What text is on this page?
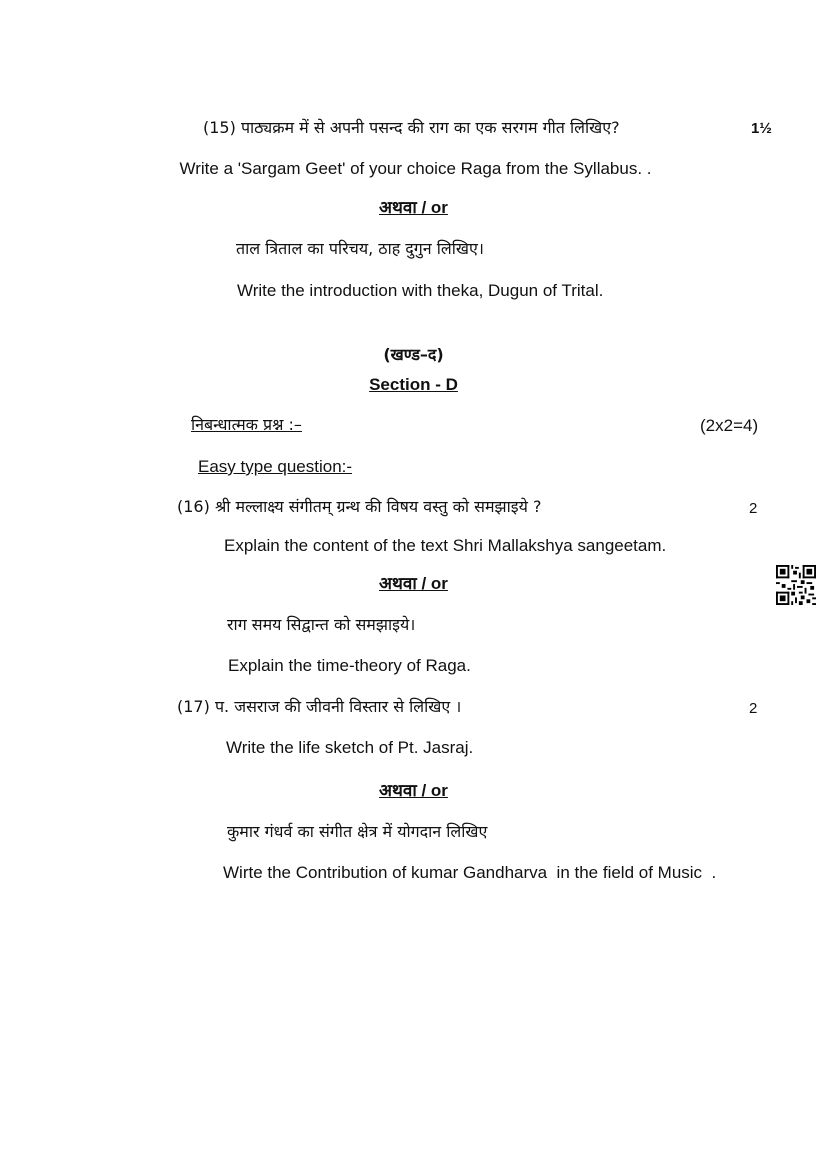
(15) पाठ्यक्रम में से अपनी पसन्द की राग का एक सरगम गीत लिखिए?	1½
Write a 'Sargam Geet' of your choice Raga from the Syllabus. .
अथवा / or
ताल त्रिताल का परिचय, ठाह दुगुन लिखिए।
Write the introduction with theka, Dugun of Trital.
(खण्ड–द)
Section - D
निबन्धात्मक प्रश्न :–	(2x2=4)
Easy type question:-
(16) श्री मल्लाक्ष्य संगीतम् ग्रन्थ की विषय वस्तु को समझाइये ?	2
Explain the content of the text Shri Mallakshya sangeetam.
अथवा / or
राग समय सिद्वान्त को समझाइये।
Explain the time-theory of Raga.
(17) प. जसराज की जीवनी विस्तार से लिखिए ।	2
Write the life sketch of Pt. Jasraj.
अथवा / or
कुमार गंधर्व का संगीत क्षेत्र में योगदान लिखिए
Wirte the Contribution of kumar Gandharva  in the field of Music  .
